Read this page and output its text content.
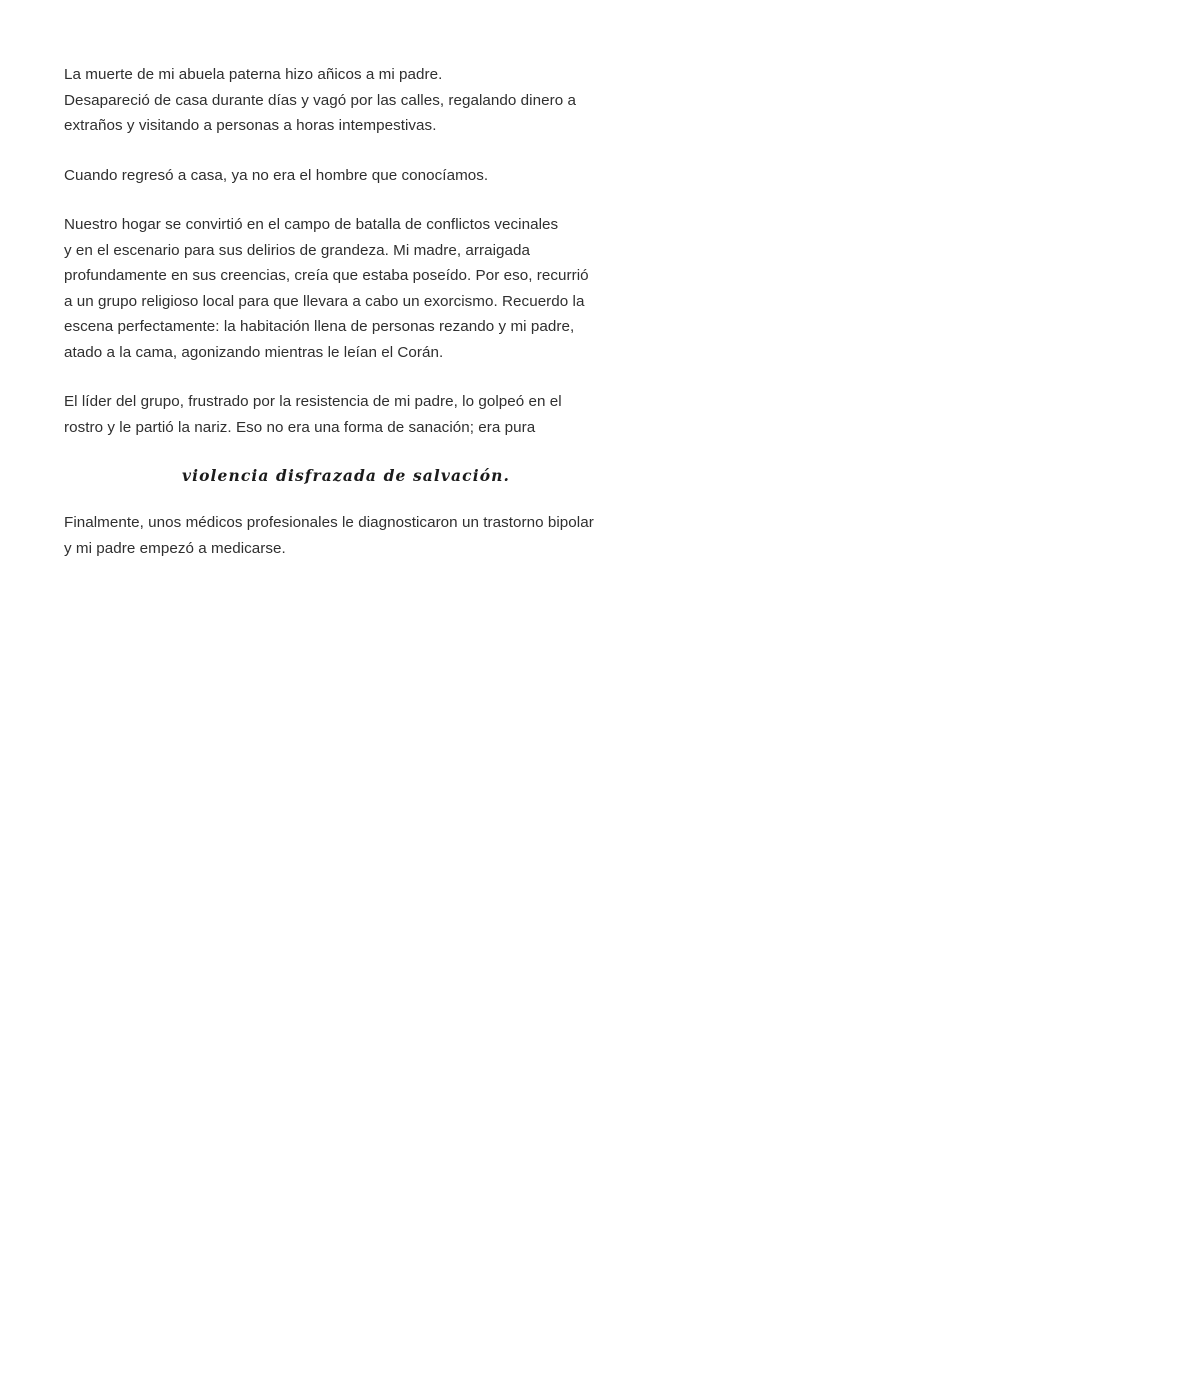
La muerte de mi abuela paterna hizo añicos a mi padre.
Desapareció de casa durante días y vagó por las calles, regalando dinero a
extraños y visitando a personas a horas intempestivas.

Cuando regresó a casa, ya no era el hombre que conocíamos.

Nuestro hogar se convirtió en el campo de batalla de conflictos vecinales
y en el escenario para sus delirios de grandeza. Mi madre, arraigada
profundamente en sus creencias, creía que estaba poseído. Por eso, recurrió
a un grupo religioso local para que llevara a cabo un exorcismo. Recuerdo la
escena perfectamente: la habitación llena de personas rezando y mi padre,
atado a la cama, agonizando mientras le leían el Corán.

El líder del grupo, frustrado por la resistencia de mi padre, lo golpeó en el
rostro y le partió la nariz. Eso no era una forma de sanación; era pura

violencia disfrazada de salvación.

Finalmente, unos médicos profesionales le diagnosticaron un trastorno bipolar
y mi padre empezó a medicarse.
